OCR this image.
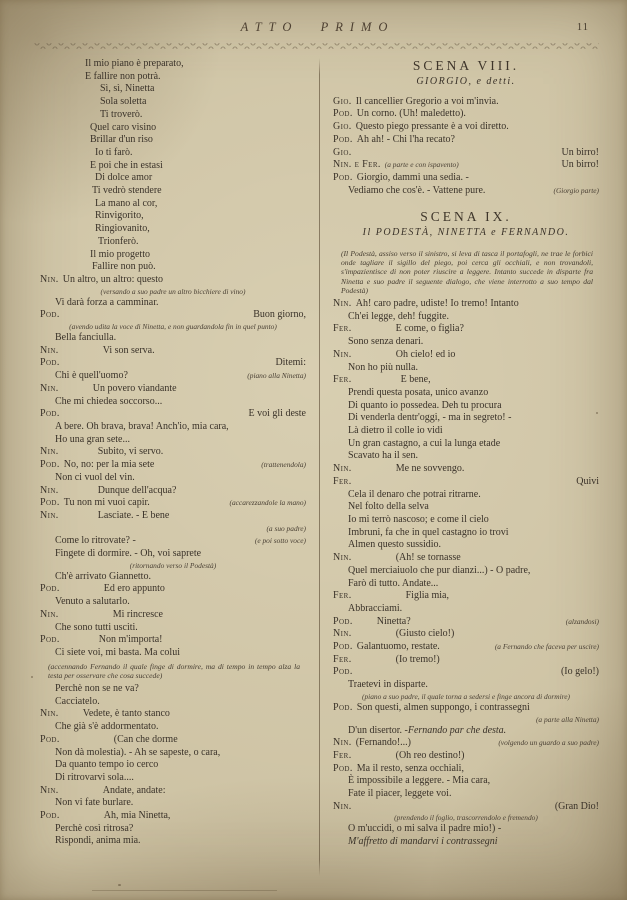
ATTO PRIMO	11
Il mio piano è preparato,
E fallire non potrà.
Sì, sì, Ninetta
Sola soletta
Ti troverò.
Quel caro visino
Brillar d'un riso
Io ti farò.
E poi che in estasi
Di dolce amor
Ti vedrò stendere
La mano al cor,
Rinvigorito,
Ringiovanito,
Trionferò.
Il mio progetto
Fallire non può.
Nin. Un altro, un altro: questo
(versando a suo padre un altro bicchiere di vino)
Vi darà forza a camminar.
Pod.	Buon giorno,
(avendo udita la voce di Ninetta, e non guardandola fin in quel punto)
Bella fanciulla.
Nin.	Vi son serva.
Pod.	Ditemi:
Chi è quell'uomo?	(piano alla Ninetta)
Nin.	Un povero viandante
Che mi chiedea soccorso...
Pod.	E voi gli deste
A bere. Oh brava, brava! Anch'io, mia cara,
Ho una gran sete...
Nin.	Subito, vi servo.
Pod. No, no: per la mia sete	(trattenendola)
Non ci vuol del vin.
Nin.	Dunque dell'acqua?
Pod. Tu non mi vuoi capir.	(accarezzandole la mano)
Nin.	Lasciate. - E bene
(a suo padre)
Come lo ritrovate? -	(e poi sotto voce)
Fingete di dormire. - Oh, voi saprete
(ritornando verso il Podestà)
Ch'è arrivato Giannetto.
Pod.	Ed ero appunto
Venuto a salutarlo.
Nin.	Mi rincresce
Che sono tutti usciti.
Pod.	Non m'importa!
Ci siete voi, mi basta. Ma colui
(accennando Fernando il quale finge di dormire, ma di tempo in tempo alza la testa per osservare che cosa succede)
Perchè non se ne va?
Cacciatelo.
Nin. Vedete, è tanto stanco
Che già s'è addormentato.
Pod.	(Can che dorme
Non dà molestia). - Ah se sapeste, o cara,
Da quanto tempo io cerco
Di ritrovarvi sola....
Nin.	Andate, andate:
Non vi fate burlare.
Pod.	Ah, mia Ninetta,
Perchè così ritrosa?
Rispondi, anima mia.
SCENA VIII.
GIORGIO, e detti.
Gio. Il cancellier Gregorio a voi m'invia.
Pod. Un corno. (Uh! maledetto).
Gio. Questo piego pressante è a voi diretto.
Pod. Ah ah! - Chi l'ha recato?
Gio.	Un birro!
Nin. e Fer. (a parte e con ispavento)	Un birro!
Pod. Giorgio, dammi una sedia. -
Vediamo che cos'è. - Vattene pure.	(Giorgio parte)
SCENA IX.
Il PODESTÀ, NINETTA e FERNANDO.
(Il Podestà, assiso verso il sinistro, si leva di tasca il portafogli, ne trae le forbici onde tagliare il sigillo del piego, poi cerca gli occhiali, e non trovandoli, s'impazientisce di non poter riuscire a leggere. Intanto succede in disparte fra Ninetta e suo padre il seguente dialogo, che viene interrotto a suo tempo dal Podestà)
Nin. Ah! caro padre, udiste! Io tremo! Intanto
Ch'ei legge, deh! fuggite.
Fer.	E come, o figlia?
Sono senza denari.
Nin.	Oh cielo! ed io
Non ho più nulla.
Fer.	E bene,
Prendi questa posata, unico avanzo
Di quanto io possedea. Deh tu procura
Di venderla dentr'oggi, - ma in segreto! -
Là dietro il colle io vidi
Un gran castagno, a cui la lunga etade
Scavato ha il sen.
Nin.	Me ne sovvengo.
Fer.	Quivi
Cela il denaro che potrai ritrarne.
Nel folto della selva
Io mi terrò nascoso; e come il cielo
Imbruni, fa che in quel castagno io trovi
Almen questo sussidio.
Nin.	(Ah! se tornasse
Quel merciaiuolo che pur dianzi...) - O padre,
Farò di tutto. Andate...
Fer.	Figlia mia,
Abbracciami.
Pod. Ninetta?	(alzandosi)
Nin.	(Giusto cielo!)
Pod. Galantuomo, restate.	(a Fernando che faceva per uscire)
Fer.	(Io tremo!)
Pod.	(Io gelo!)
Traetevi in disparte.
(piano a suo padre, il quale torna a sedersi e finge ancora di dormire)
Pod. Son questi, almen suppongo, i contrassegni
(a parte alla Ninetta)
D'un disertor. - Fernando par che desta.
Nin. (Fernando!...)	(volgendo un guardo a suo padre)
Fer.	(Oh reo destino!)
Pod. Ma il resto, senza occhiali,
È impossibile a leggere. - Mia cara,
Fate il piacer, leggete voi.
Nin.	(Gran Dio!
(prendendo il foglio, trascorrendolo e fremendo)
O m'uccidi, o mi salva il padre mio!) -
M'affretto di mandarvi i contrassegni
